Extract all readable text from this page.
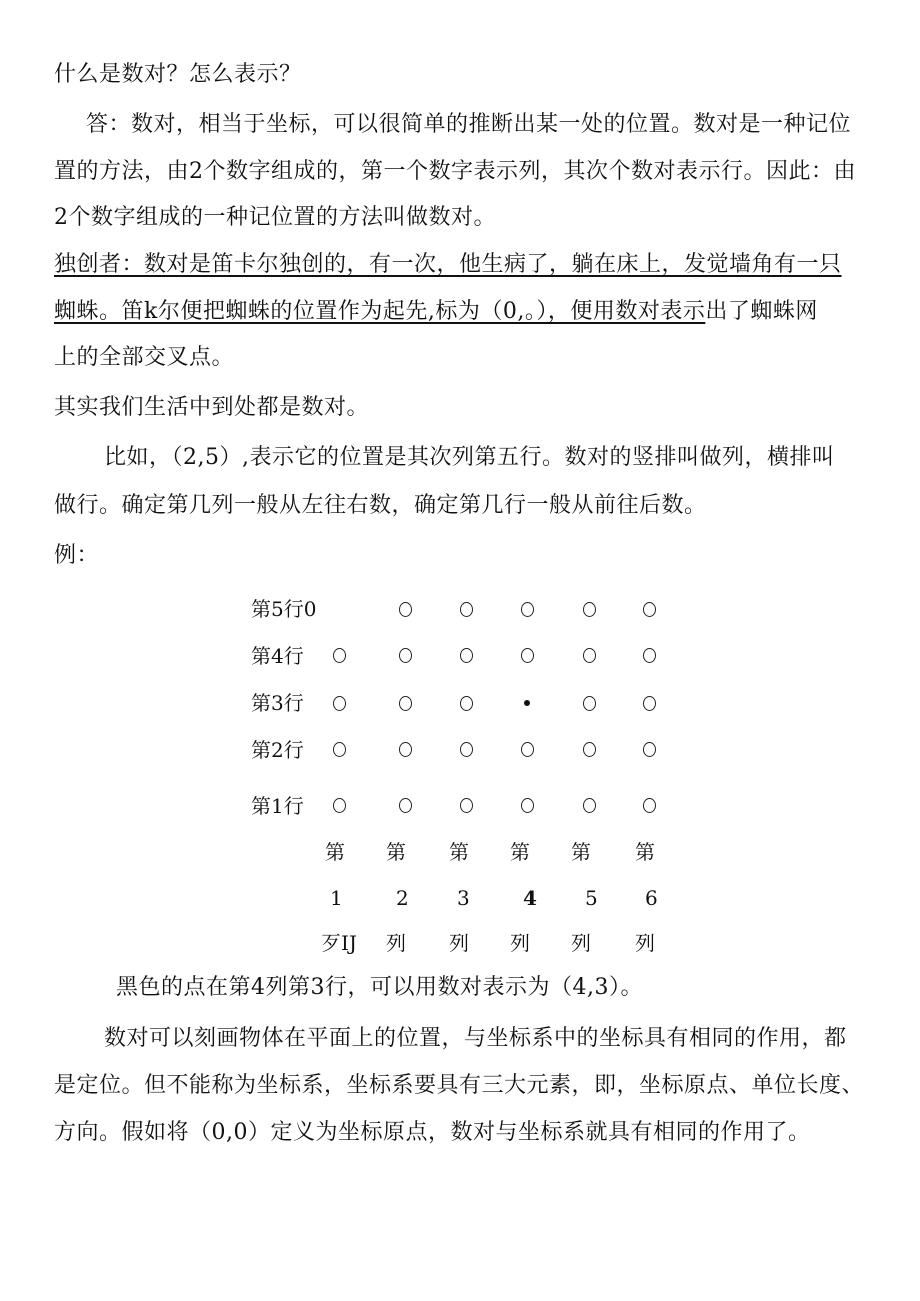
什么是数对？怎么表示？
答：数对，相当于坐标，可以很简单的推断出某一处的位置。数对是一种记位
置的方法，由2个数字组成的，第一个数字表示列，其次个数对表示行。因此：由
2个数字组成的一种记位置的方法叫做数对。
独创者：数对是笛卡尔独创的，有一次，他生病了，躺在床上，发觉墙角有一只
蜘蛛。笛k尔便把蜘蛛的位置作为起先,标为（0,。），便用数对表示出了蜘蛛网
上的全部交叉点。
其实我们生活中到处都是数对。
比如，（2,5）,表示它的位置是其次列第五行。数对的竖排叫做列，横排叫
做行。确定第几列一般从左往右数，确定第几行一般从前往后数。
例：
第5行0
第4行
第3行
第2行
第1行
第 第 第 第 第 第
1	2 3	4 5 6
歹IJ 列 列 列 列 列
黑色的点在第4列第3行，可以用数对表示为（4,3）。
数对可以刻画物体在平面上的位置，与坐标系中的坐标具有相同的作用，都
是定位。但不能称为坐标系，坐标系要具有三大元素，即，坐标原点、单位长度、
方向。假如将（0,0）定义为坐标原点，数对与坐标系就具有相同的作用了。
